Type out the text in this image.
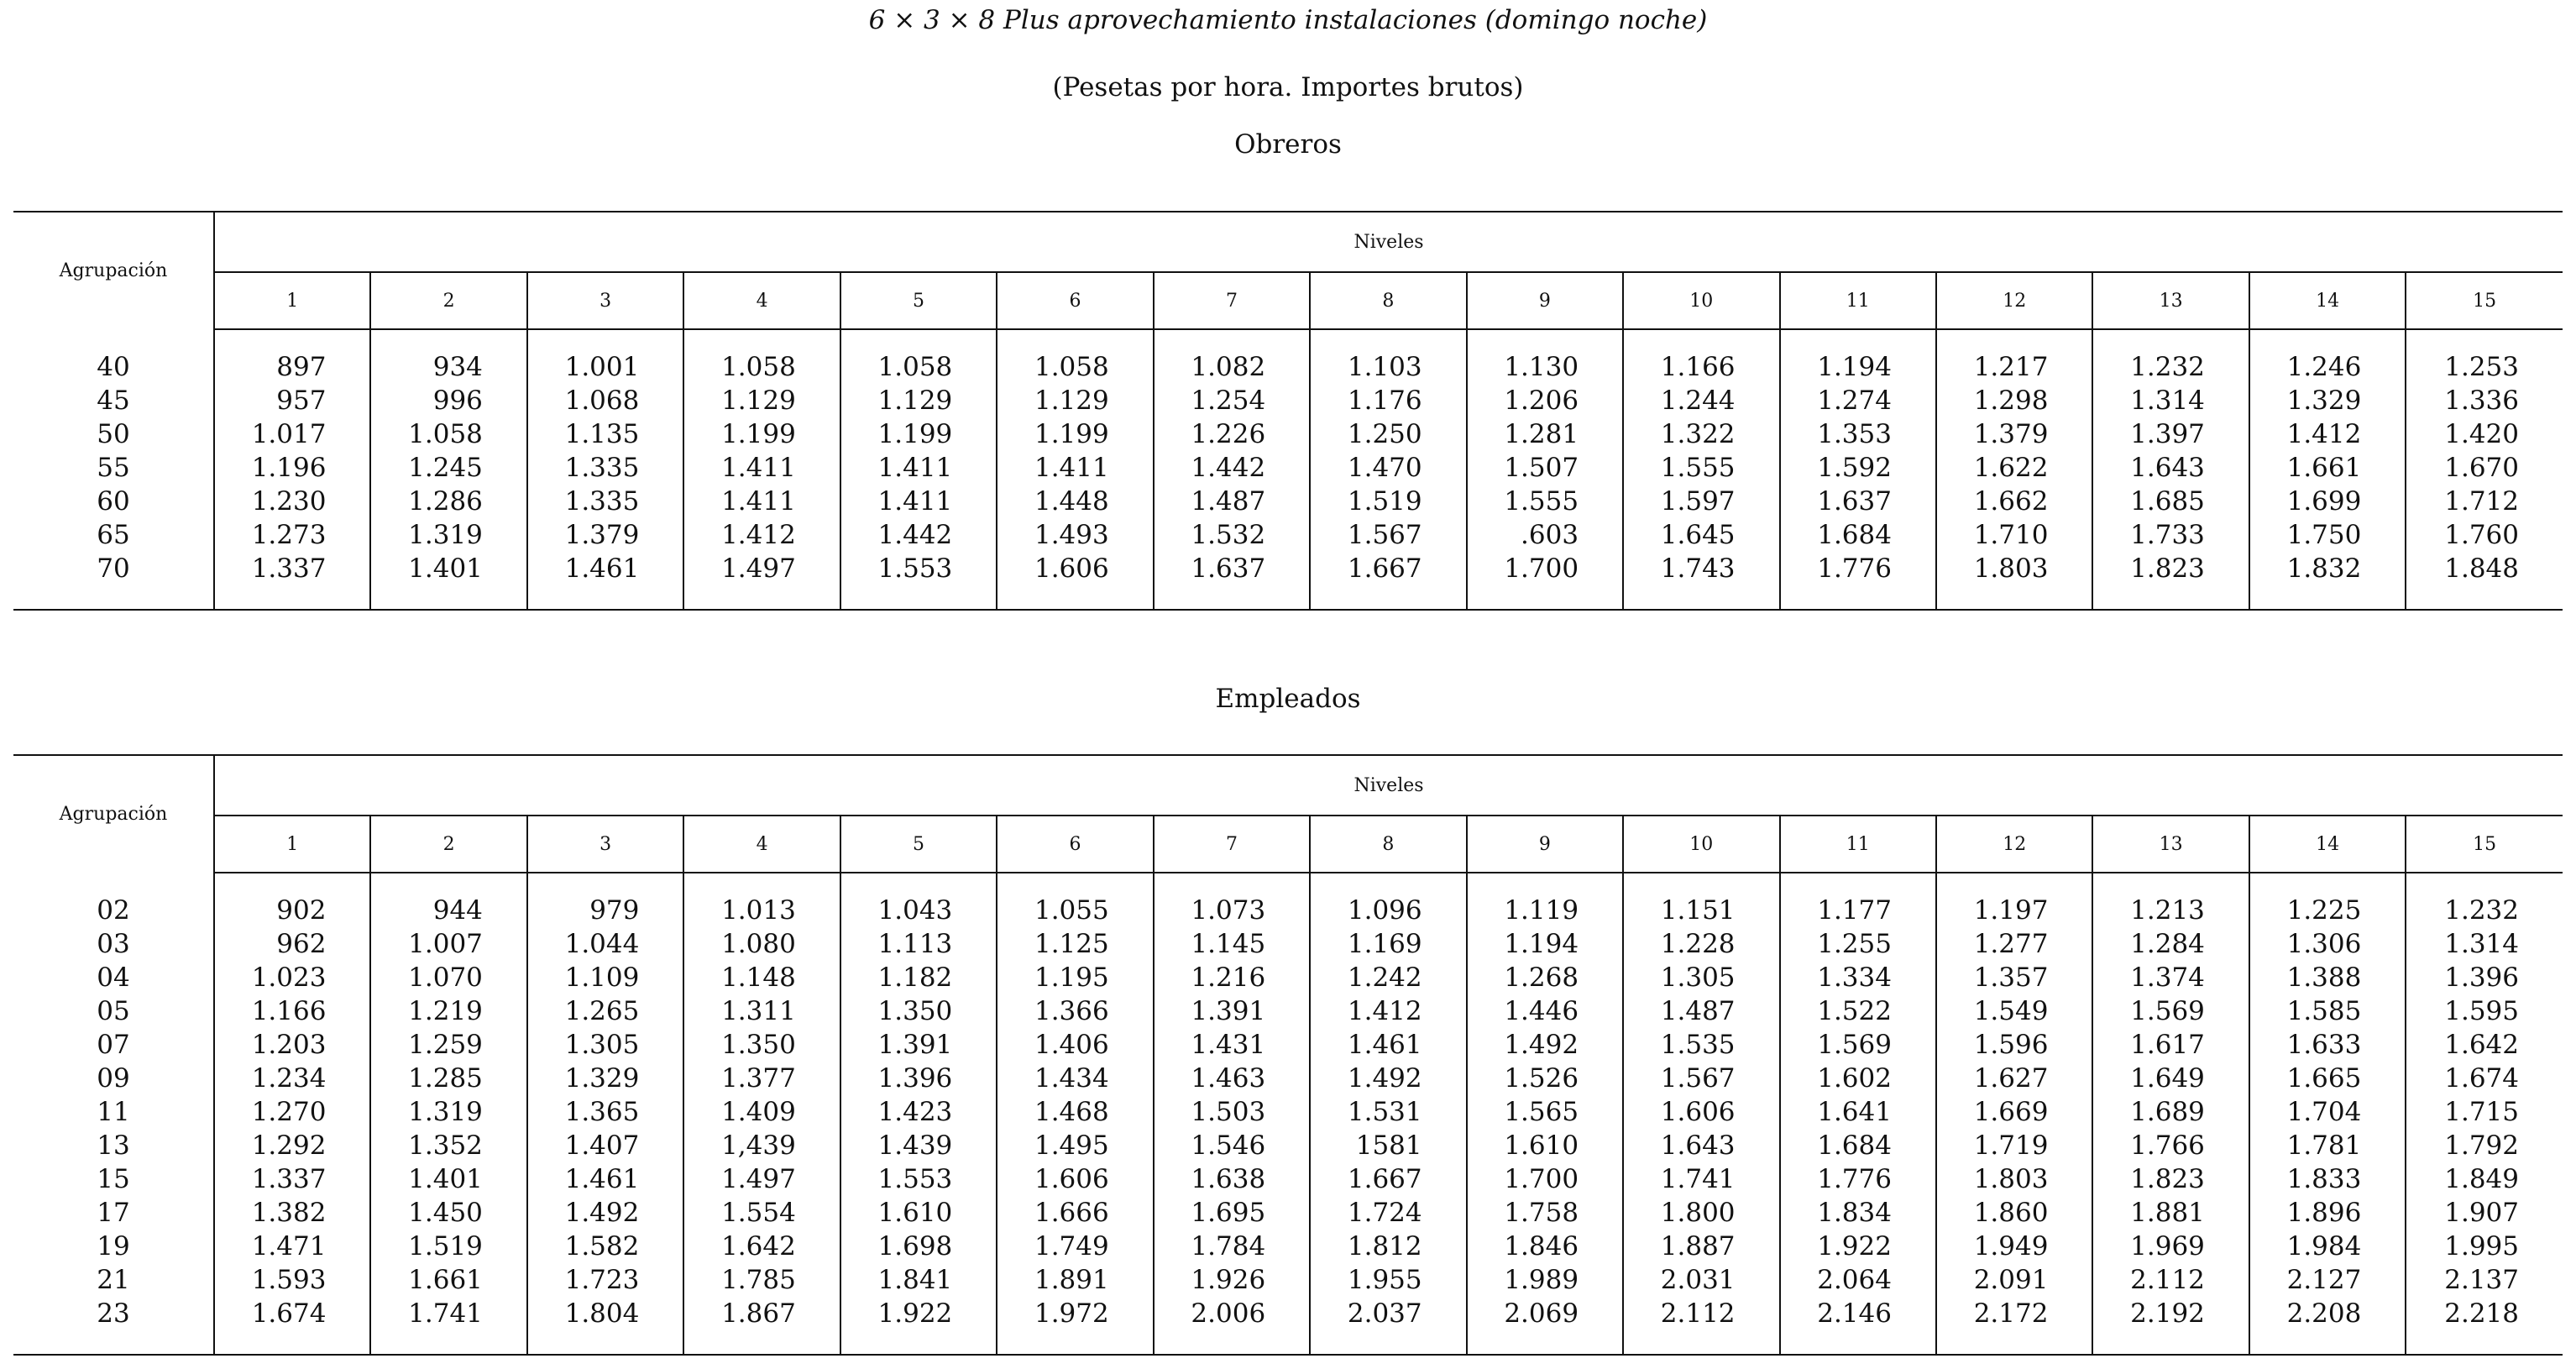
6 × 3 × 8 Plus aprovechamiento instalaciones (domingo noche)

(Pesetas por hora. Importes brutos)

Obreros

Agrupación	Niveles														
	1	2	3	4	5	6	7	8	9	10	11	12	13	14	15

40	897	934	1.001	1.058	1.058	1.058	1.082	1.103	1.130	1.166	1.194	1.217	1.232	1.246	1.253
45	957	996	1.068	1.129	1.129	1.129	1.254	1.176	1.206	1.244	1.274	1.298	1.314	1.329	1.336
50	1.017	1.058	1.135	1.199	1.199	1.199	1.226	1.250	1.281	1.322	1.353	1.379	1.397	1.412	1.420
55	1.196	1.245	1.335	1.411	1.411	1.411	1.442	1.470	1.507	1.555	1.592	1.622	1.643	1.661	1.670
60	1.230	1.286	1.335	1.411	1.411	1.448	1.487	1.519	1.555	1.597	1.637	1.662	1.685	1.699	1.712
65	1.273	1.319	1.379	1.412	1.442	1.493	1.532	1.567	.603	1.645	1.684	1.710	1.733	1.750	1.760
70	1.337	1.401	1.461	1.497	1.553	1.606	1.637	1.667	1.700	1.743	1.776	1.803	1.823	1.832	1.848

Empleados

Agrupación	Niveles														
	1	2	3	4	5	6	7	8	9	10	11	12	13	14	15

02	902	944	979	1.013	1.043	1.055	1.073	1.096	1.119	1.151	1.177	1.197	1.213	1.225	1.232
03	962	1.007	1.044	1.080	1.113	1.125	1.145	1.169	1.194	1.228	1.255	1.277	1.284	1.306	1.314
04	1.023	1.070	1.109	1.148	1.182	1.195	1.216	1.242	1.268	1.305	1.334	1.357	1.374	1.388	1.396
05	1.166	1.219	1.265	1.311	1.350	1.366	1.391	1.412	1.446	1.487	1.522	1.549	1.569	1.585	1.595
07	1.203	1.259	1.305	1.350	1.391	1.406	1.431	1.461	1.492	1.535	1.569	1.596	1.617	1.633	1.642
09	1.234	1.285	1.329	1.377	1.396	1.434	1.463	1.492	1.526	1.567	1.602	1.627	1.649	1.665	1.674
11	1.270	1.319	1.365	1.409	1.423	1.468	1.503	1.531	1.565	1.606	1.641	1.669	1.689	1.704	1.715
13	1.292	1.352	1.407	1,439	1.439	1.495	1.546	1581	1.610	1.643	1.684	1.719	1.766	1.781	1.792
15	1.337	1.401	1.461	1.497	1.553	1.606	1.638	1.667	1.700	1.741	1.776	1.803	1.823	1.833	1.849
17	1.382	1.450	1.492	1.554	1.610	1.666	1.695	1.724	1.758	1.800	1.834	1.860	1.881	1.896	1.907
19	1.471	1.519	1.582	1.642	1.698	1.749	1.784	1.812	1.846	1.887	1.922	1.949	1.969	1.984	1.995
21	1.593	1.661	1.723	1.785	1.841	1.891	1.926	1.955	1.989	2.031	2.064	2.091	2.112	2.127	2.137
23	1.674	1.741	1.804	1.867	1.922	1.972	2.006	2.037	2.069	2.112	2.146	2.172	2.192	2.208	2.218
